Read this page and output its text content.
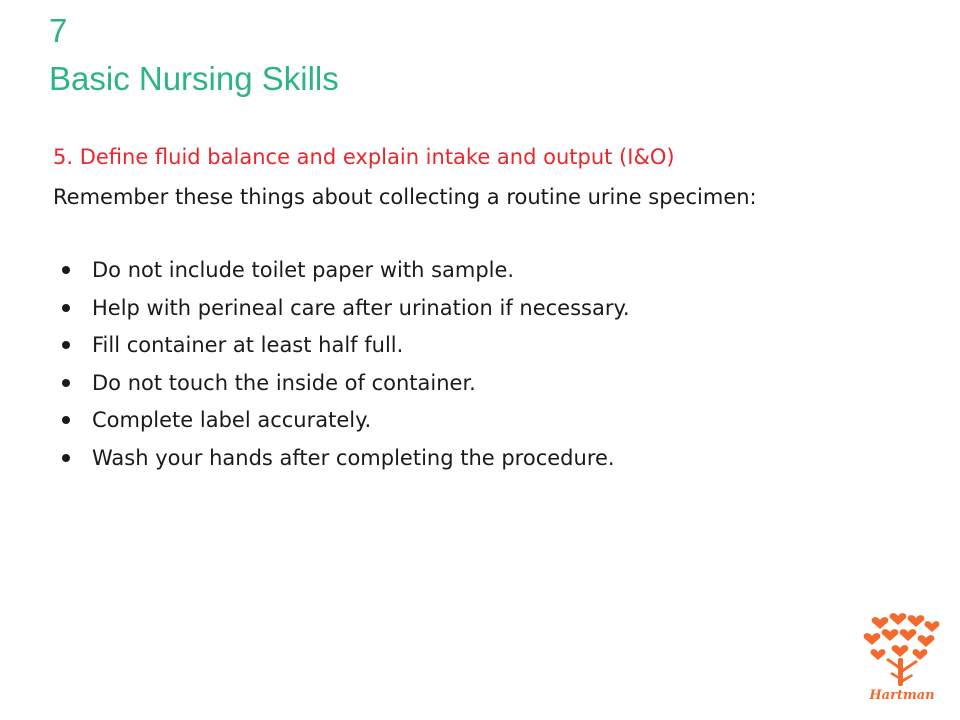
7
Basic Nursing Skills
5. Define fluid balance and explain intake and output (I&O)
Remember these things about collecting a routine urine specimen:
Do not include toilet paper with sample.
Help with perineal care after urination if necessary.
Fill container at least half full.
Do not touch the inside of container.
Complete label accurately.
Wash your hands after completing the procedure.
Hartman
